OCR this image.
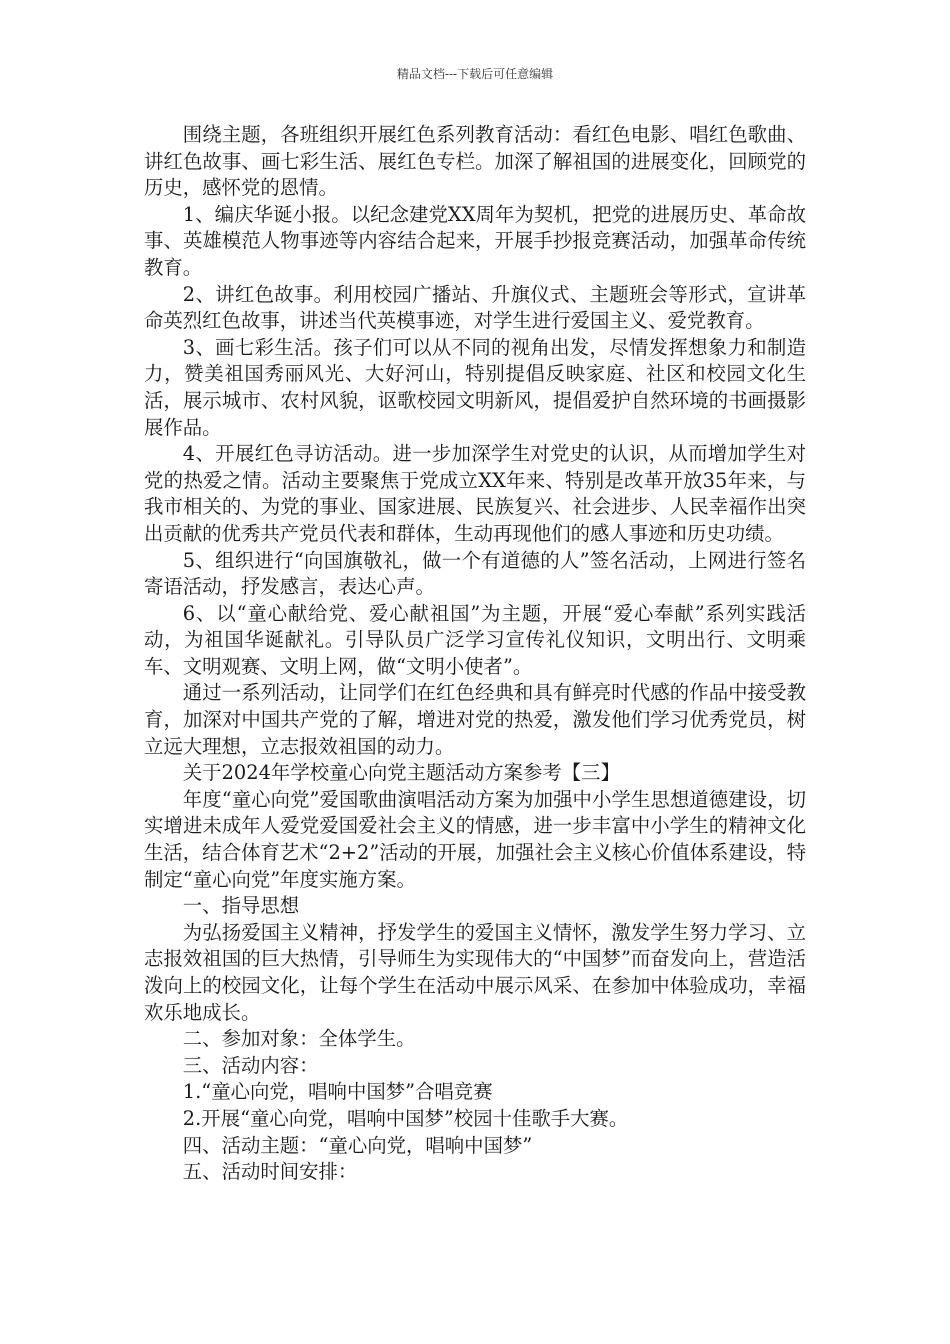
精品文档---下载后可任意编辑

围绕主题，各班组织开展红色系列教育活动：看红色电影、唱红色歌曲、讲红色故事、画七彩生活、展红色专栏。加深了解祖国的进展变化，回顾党的历史，感怀党的恩情。

1、编庆华诞小报。以纪念建党XX周年为契机，把党的进展历史、革命故事、英雄模范人物事迹等内容结合起来，开展手抄报竞赛活动，加强革命传统教育。

2、讲红色故事。利用校园广播站、升旗仪式、主题班会等形式，宣讲革命英烈红色故事，讲述当代英模事迹，对学生进行爱国主义、爱党教育。

3、画七彩生活。孩子们可以从不同的视角出发，尽情发挥想象力和制造力，赞美祖国秀丽风光、大好河山，特别提倡反映家庭、社区和校园文化生活，展示城市、农村风貌，讴歌校园文明新风，提倡爱护自然环境的书画摄影展作品。

4、开展红色寻访活动。进一步加深学生对党史的认识，从而增加学生对党的热爱之情。活动主要聚焦于党成立XX年来、特别是改革开放35年来，与我市相关的、为党的事业、国家进展、民族复兴、社会进步、人民幸福作出突出贡献的优秀共产党员代表和群体，生动再现他们的感人事迹和历史功绩。

5、组织进行“向国旗敬礼，做一个有道德的人”签名活动，上网进行签名寄语活动，抒发感言，表达心声。

6、以“童心献给党、爱心献祖国”为主题，开展“爱心奉献”系列实践活动，为祖国华诞献礼。引导队员广泛学习宣传礼仪知识，文明出行、文明乘车、文明观赛、文明上网，做“文明小使者”。

通过一系列活动，让同学们在红色经典和具有鲜亮时代感的作品中接受教育，加深对中国共产党的了解，增进对党的热爱，激发他们学习优秀党员，树立远大理想，立志报效祖国的动力。

关于2024年学校童心向党主题活动方案参考【三】

年度“童心向党”爱国歌曲演唱活动方案为加强中小学生思想道德建设，切实增进未成年人爱党爱国爱社会主义的情感，进一步丰富中小学生的精神文化生活，结合体育艺术“2+2”活动的开展，加强社会主义核心价值体系建设，特制定“童心向党”年度实施方案。

一、指导思想

为弘扬爱国主义精神，抒发学生的爱国主义情怀，激发学生努力学习、立志报效祖国的巨大热情，引导师生为实现伟大的“中国梦”而奋发向上，营造活泼向上的校园文化，让每个学生在活动中展示风采、在参加中体验成功，幸福欢乐地成长。

二、参加对象：全体学生。

三、活动内容：

1.“童心向党，唱响中国梦”合唱竞赛

2.开展“童心向党，唱响中国梦”校园十佳歌手大赛。

四、活动主题：“童心向党，唱响中国梦”

五、活动时间安排：
